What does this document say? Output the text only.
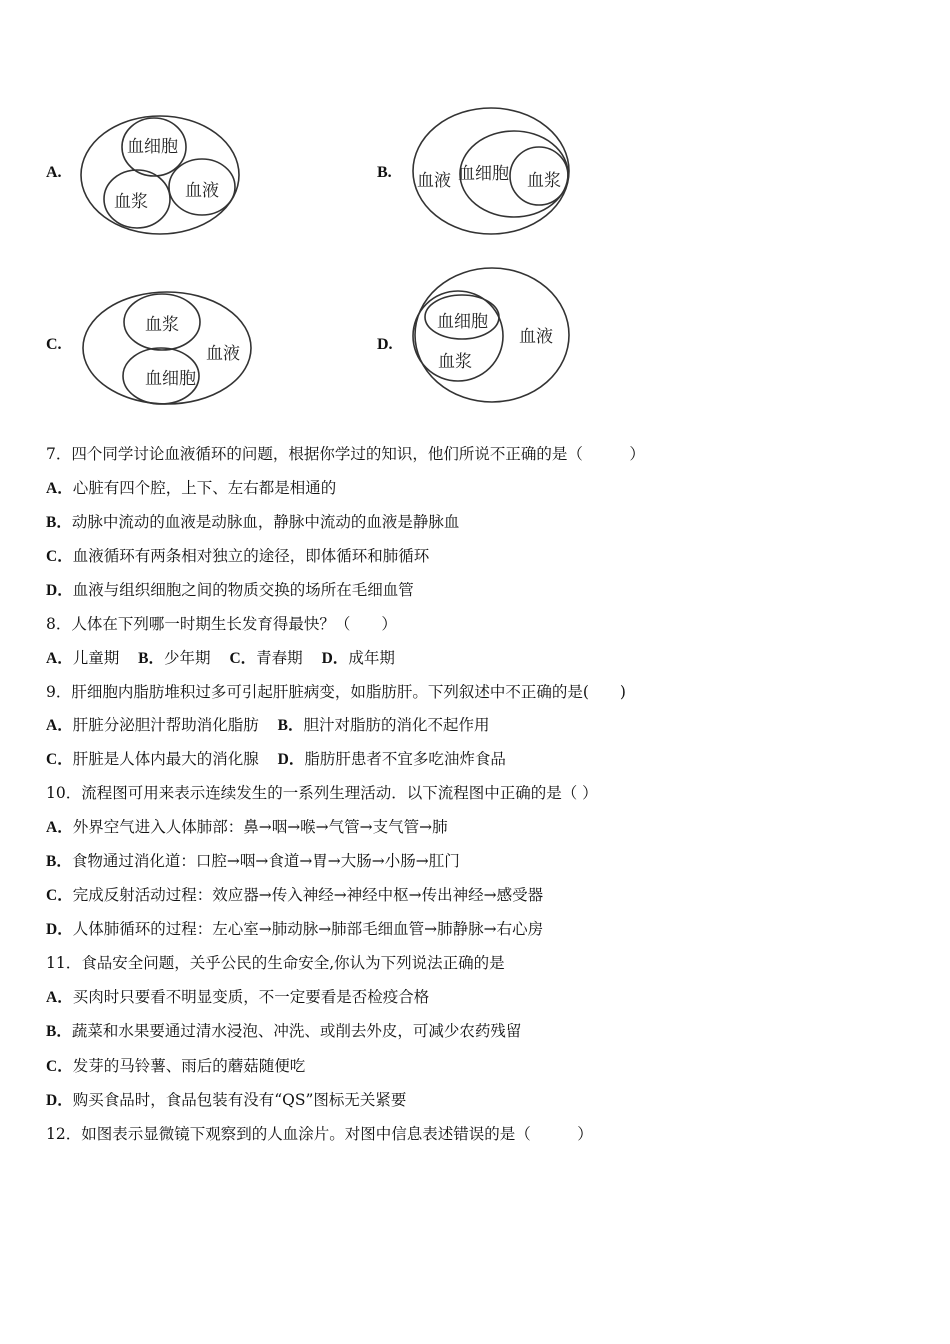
A.
血细胞
血浆
血液
B. 血液 血细胞 血浆
C.
血浆
血液
血细胞
D.
血细胞
血液
血浆
7．四个同学讨论血液循环的问题，根据你学过的知识，他们所说不正确的是（　　　）
A．心脏有四个腔，上下、左右都是相通的
B．动脉中流动的血液是动脉血，静脉中流动的血液是静脉血
C．血液循环有两条相对独立的途径，即体循环和肺循环
D．血液与组织细胞之间的物质交换的场所在毛细血管
8．人体在下列哪一时期生长发育得最快？（　　）
A．儿童期 B．少年期 C．青春期 D．成年期
9．肝细胞内脂肪堆积过多可引起肝脏病变，如脂肪肝。下列叙述中不正确的是(　　)
A．肝脏分泌胆汁帮助消化脂肪 B．胆汁对脂肪的消化不起作用
C．肝脏是人体内最大的消化腺 D．脂肪肝患者不宜多吃油炸食品
10．流程图可用来表示连续发生的一系列生理活动．以下流程图中正确的是（ ）
A．外界空气进入人体肺部：鼻→咽→喉→气管→支气管→肺
B．食物通过消化道：口腔→咽→食道→胃→大肠→小肠→肛门
C．完成反射活动过程：效应器→传入神经→神经中枢→传出神经→感受器
D．人体肺循环的过程：左心室→肺动脉→肺部毛细血管→肺静脉→右心房
11．食品安全问题，关乎公民的生命安全,你认为下列说法正确的是
A．买肉时只要看不明显变质，不一定要看是否检疫合格
B．蔬菜和水果要通过清水浸泡、冲洗、或削去外皮，可减少农药残留
C．发芽的马铃薯、雨后的蘑菇随便吃
D．购买食品时，食品包装有没有“QS”图标无关紧要
12．如图表示显微镜下观察到的人血涂片。对图中信息表述错误的是（　　　）
